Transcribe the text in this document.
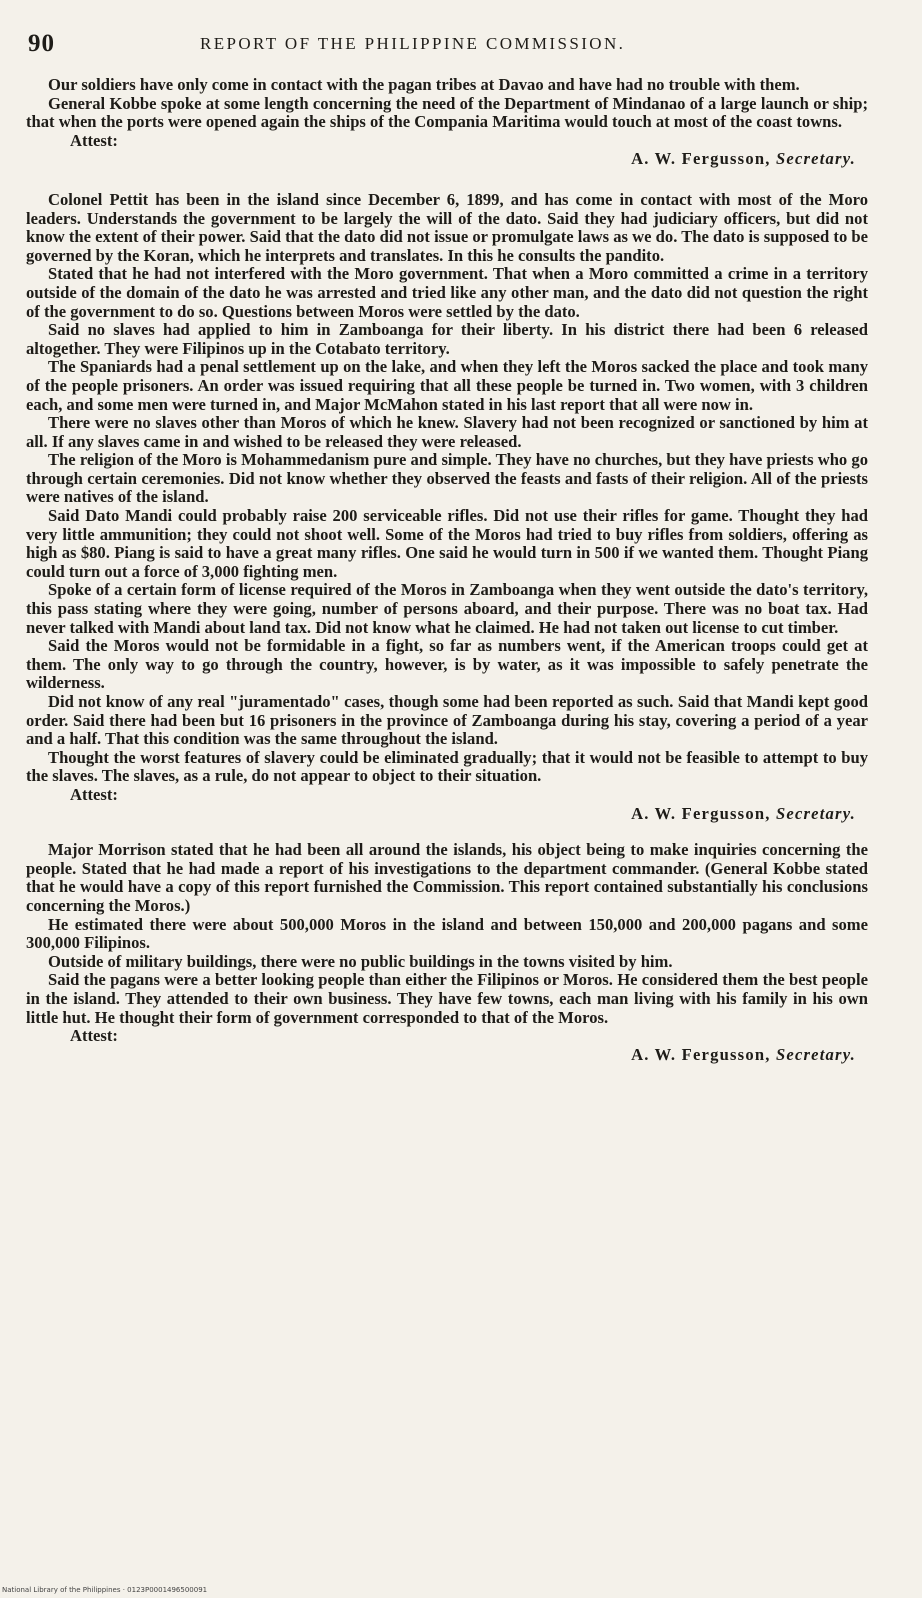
90	REPORT OF THE PHILIPPINE COMMISSION.

Our soldiers have only come in contact with the pagan tribes at Davao and have had no trouble with them.

General Kobbe spoke at some length concerning the need of the Department of Mindanao of a large launch or ship; that when the ports were opened again the ships of the Compania Maritima would touch at most of the coast towns.

Attest:

A. W. Fergusson, Secretary.

Colonel Pettit has been in the island since December 6, 1899, and has come in contact with most of the Moro leaders. Understands the government to be largely the will of the dato. Said they had judiciary officers, but did not know the extent of their power. Said that the dato did not issue or promulgate laws as we do. The dato is supposed to be governed by the Koran, which he interprets and translates. In this he consults the pandito.

Stated that he had not interfered with the Moro government. That when a Moro committed a crime in a territory outside of the domain of the dato he was arrested and tried like any other man, and the dato did not question the right of the government to do so. Questions between Moros were settled by the dato.

Said no slaves had applied to him in Zamboanga for their liberty. In his district there had been 6 released altogether. They were Filipinos up in the Cotabato territory.

The Spaniards had a penal settlement up on the lake, and when they left the Moros sacked the place and took many of the people prisoners. An order was issued requiring that all these people be turned in. Two women, with 3 children each, and some men were turned in, and Major McMahon stated in his last report that all were now in.

There were no slaves other than Moros of which he knew. Slavery had not been recognized or sanctioned by him at all. If any slaves came in and wished to be released they were released.

The religion of the Moro is Mohammedanism pure and simple. They have no churches, but they have priests who go through certain ceremonies. Did not know whether they observed the feasts and fasts of their religion. All of the priests were natives of the island.

Said Dato Mandi could probably raise 200 serviceable rifles. Did not use their rifles for game. Thought they had very little ammunition; they could not shoot well. Some of the Moros had tried to buy rifles from soldiers, offering as high as $80. Piang is said to have a great many rifles. One said he would turn in 500 if we wanted them. Thought Piang could turn out a force of 3,000 fighting men.

Spoke of a certain form of license required of the Moros in Zamboanga when they went outside the dato's territory, this pass stating where they were going, number of persons aboard, and their purpose. There was no boat tax. Had never talked with Mandi about land tax. Did not know what he claimed. He had not taken out license to cut timber.

Said the Moros would not be formidable in a fight, so far as numbers went, if the American troops could get at them. The only way to go through the country, however, is by water, as it was impossible to safely penetrate the wilderness.

Did not know of any real "juramentado" cases, though some had been reported as such. Said that Mandi kept good order. Said there had been but 16 prisoners in the province of Zamboanga during his stay, covering a period of a year and a half. That this condition was the same throughout the island.

Thought the worst features of slavery could be eliminated gradually; that it would not be feasible to attempt to buy the slaves. The slaves, as a rule, do not appear to object to their situation.

Attest:

A. W. Fergusson, Secretary.

Major Morrison stated that he had been all around the islands, his object being to make inquiries concerning the people. Stated that he had made a report of his investigations to the department commander. (General Kobbe stated that he would have a copy of this report furnished the Commission. This report contained substantially his conclusions concerning the Moros.)

He estimated there were about 500,000 Moros in the island and between 150,000 and 200,000 pagans and some 300,000 Filipinos.

Outside of military buildings, there were no public buildings in the towns visited by him.

Said the pagans were a better looking people than either the Filipinos or Moros. He considered them the best people in the island. They attended to their own business. They have few towns, each man living with his family in his own little hut. He thought their form of government corresponded to that of the Moros.

Attest:

A. W. Fergusson, Secretary.

National Library of the Philippines · 0123P0001496500091
